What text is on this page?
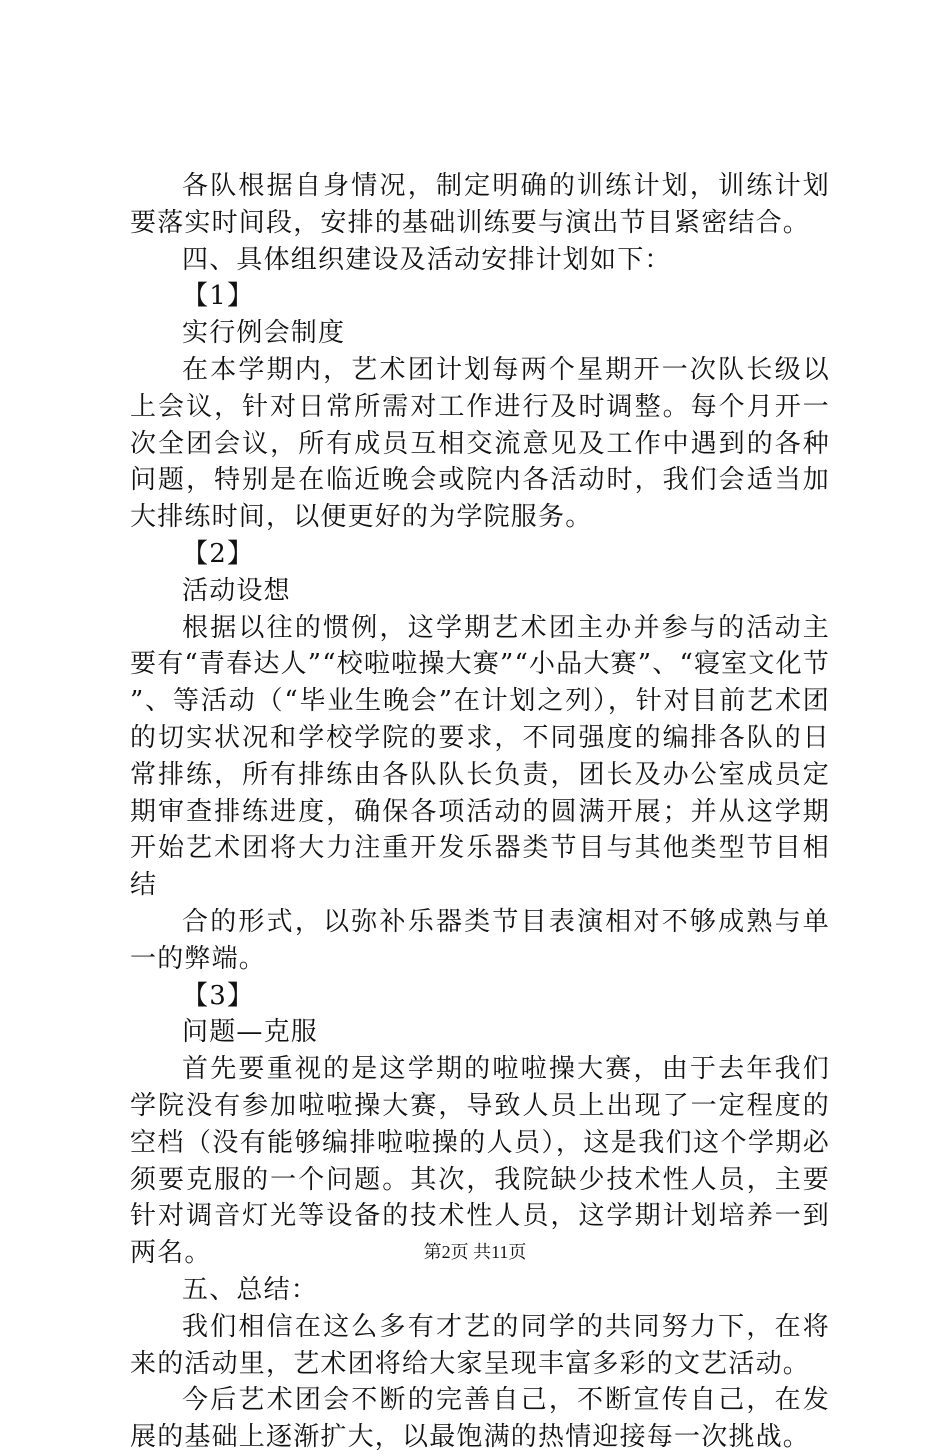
各队根据自身情况，制定明确的训练计划，训练计划要落实时间段，安排的基础训练要与演出节目紧密结合。

四、具体组织建设及活动安排计划如下：

【1】

实行例会制度

在本学期内，艺术团计划每两个星期开一次队长级以上会议，针对日常所需对工作进行及时调整。每个月开一次全团会议，所有成员互相交流意见及工作中遇到的各种问题，特别是在临近晚会或院内各活动时，我们会适当加大排练时间，以便更好的为学院服务。

【2】

活动设想

根据以往的惯例，这学期艺术团主办并参与的活动主要有“青春达人”“校啦啦操大赛”“小品大赛”、“寝室文化节”、等活动（“毕业生晚会”在计划之列），针对目前艺术团的切实状况和学校学院的要求，不同强度的编排各队的日常排练，所有排练由各队队长负责，团长及办公室成员定期审查排练进度，确保各项活动的圆满开展；并从这学期开始艺术团将大力注重开发乐器类节目与其他类型节目相结

合的形式，以弥补乐器类节目表演相对不够成熟与单一的弊端。

【3】

问题—克服

首先要重视的是这学期的啦啦操大赛，由于去年我们学院没有参加啦啦操大赛，导致人员上出现了一定程度的空档（没有能够编排啦啦操的人员），这是我们这个学期必须要克服的一个问题。其次，我院缺少技术性人员，主要针对调音灯光等设备的技术性人员，这学期计划培养一到两名。

五、总结：

我们相信在这么多有才艺的同学的共同努力下，在将来的活动里，艺术团将给大家呈现丰富多彩的文艺活动。

今后艺术团会不断的完善自己，不断宣传自己，在发展的基础上逐渐扩大，以最饱满的热情迎接每一次挑战。

第2页 共11页
